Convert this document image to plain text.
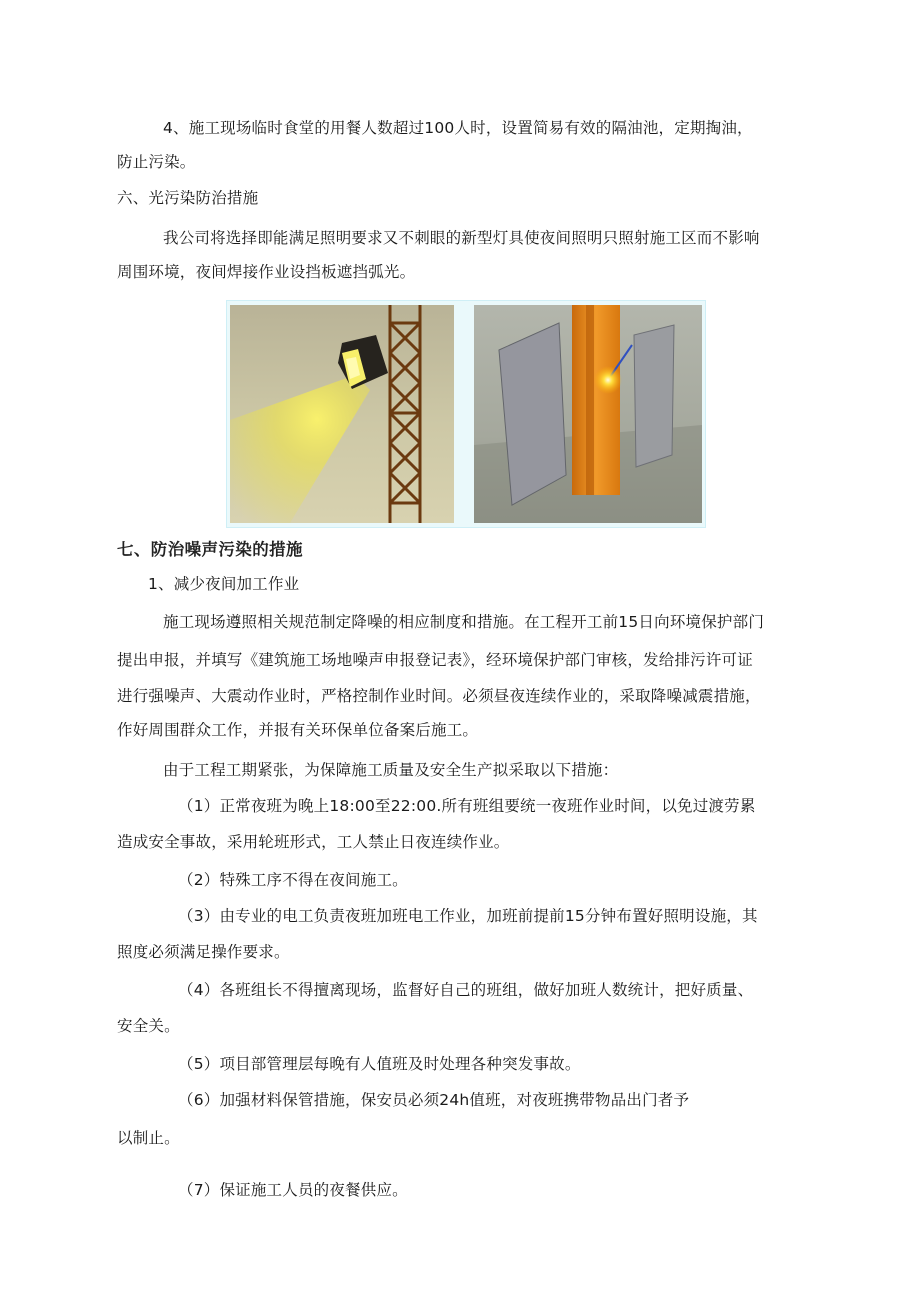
4、施工现场临时食堂的用餐人数超过100人时，设置简易有效的隔油池，定期掏油，
防止污染。
六、光污染防治措施
我公司将选择即能满足照明要求又不刺眼的新型灯具使夜间照明只照射施工区而不影响
周围环境，夜间焊接作业设挡板遮挡弧光。
七、防治噪声污染的措施
1、减少夜间加工作业
施工现场遵照相关规范制定降噪的相应制度和措施。在工程开工前15日向环境保护部门
提出申报，并填写《建筑施工场地噪声申报登记表》，经环境保护部门审核，发给排污许可证
进行强噪声、大震动作业时，严格控制作业时间。必须昼夜连续作业的，采取降噪减震措施，
作好周围群众工作，并报有关环保单位备案后施工。
由于工程工期紧张，为保障施工质量及安全生产拟采取以下措施：
（1）正常夜班为晚上18:00至22:00.所有班组要统一夜班作业时间，以免过渡劳累
造成安全事故，采用轮班形式，工人禁止日夜连续作业。
（2）特殊工序不得在夜间施工。
（3）由专业的电工负责夜班加班电工作业，加班前提前15分钟布置好照明设施，其
照度必须满足操作要求。
（4）各班组长不得擅离现场，监督好自己的班组，做好加班人数统计，把好质量、
安全关。
（5）项目部管理层每晚有人值班及时处理各种突发事故。
（6）加强材料保管措施，保安员必须24h值班，对夜班携带物品出门者予
以制止。
（7）保证施工人员的夜餐供应。
